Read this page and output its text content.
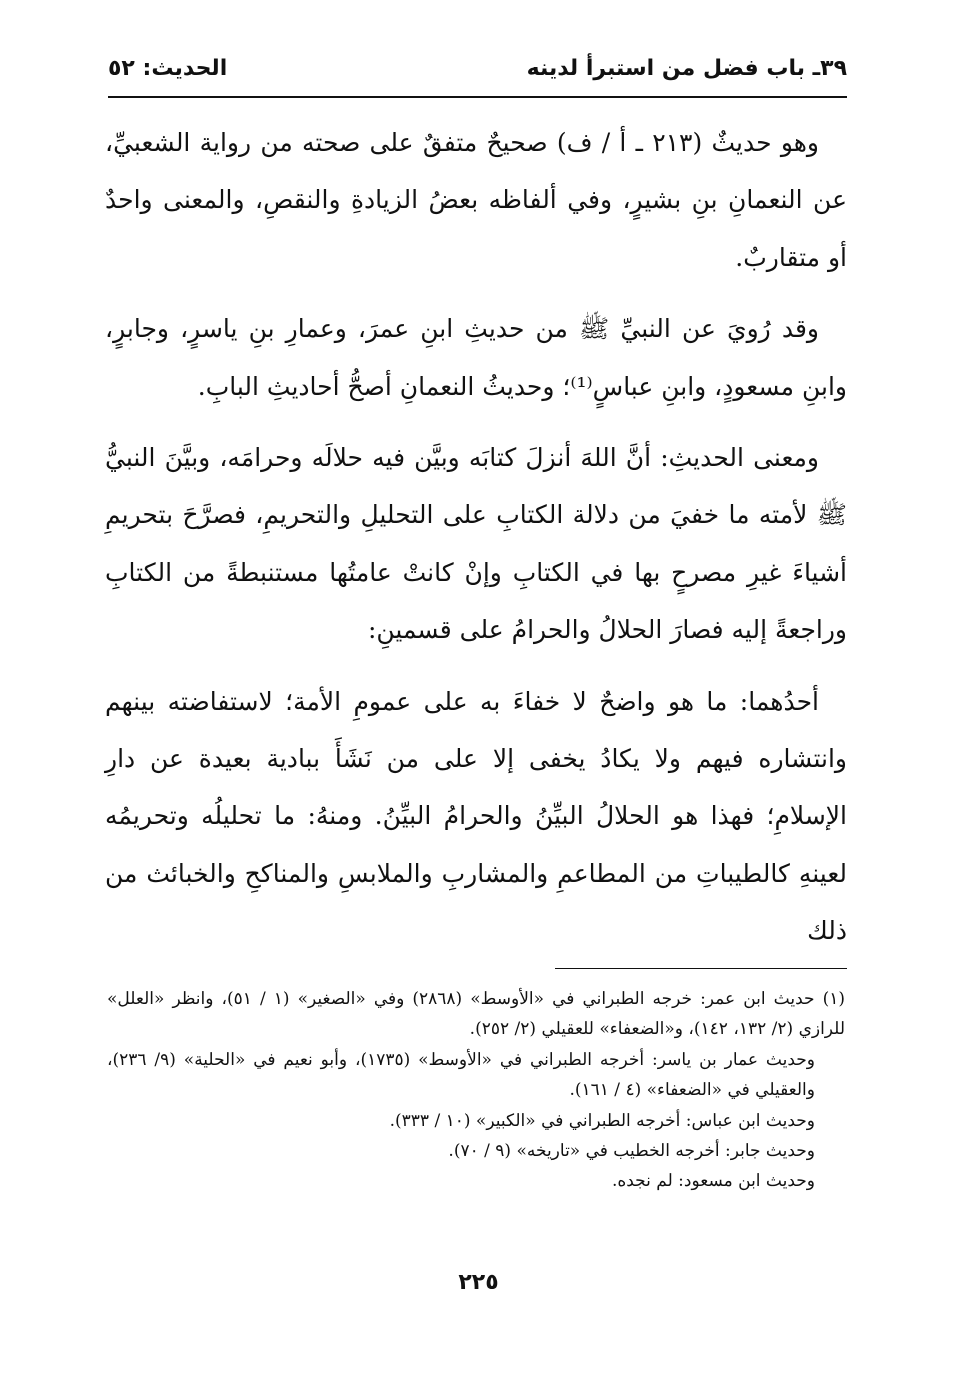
٣٩ـ باب فضل من استبرأ لدينه
الحديث: ٥٢

وهو حديثٌ (٢١٣ ـ أ / ف) صحيحٌ متفقٌ على صحته من رواية الشعبيِّ، عن النعمانِ بنِ بشيرٍ، وفي ألفاظه بعضُ الزيادةِ والنقصِ، والمعنى واحدٌ أو متقاربٌ.

وقد رُويَ عن النبيِّ ﷺ من حديثِ ابنِ عمرَ، وعمارِ بنِ ياسرٍ، وجابرٍ، وابنِ مسعودٍ، وابنِ عباسٍ⁽¹⁾؛ وحديثُ النعمانِ أصحُّ أحاديثِ البابِ.

ومعنى الحديثِ: أنَّ اللهَ أنزلَ كتابَه وبيَّن فيه حلالَه وحرامَه، وبيَّنَ النبيُّ ﷺ لأمته ما خفيَ من دلالة الكتابِ على التحليلِ والتحريمِ، فصرَّحَ بتحريمِ أشياءَ غيرِ مصرحٍ بها في الكتابِ وإنْ كانتْ عامتُها مستنبطةً من الكتابِ وراجعةً إليه فصارَ الحلالُ والحرامُ على قسمينِ:

أحدُهما: ما هو واضحٌ لا خفاءَ به على عمومِ الأمة؛ لاستفاضته بينهم وانتشاره فيهم ولا يكادُ يخفى إلا على من نَشَأَ ببادية بعيدة عن دارِ الإسلامِ؛ فهذا هو الحلالُ البيِّنُ والحرامُ البيِّنُ. ومنهُ: ما تحليلُه وتحريمُه لعينهِ كالطيباتِ من المطاعمِ والمشاربِ والملابسِ والمناكحِ والخبائث من ذلك

(١) حديث ابن عمر: خرجه الطبراني في «الأوسط» (٢٨٦٨) وفي «الصغير» (١ / ٥١)، وانظر «العلل» للرازي (٢/ ١٣٢، ١٤٢)، و«الضعفاء» للعقيلي (٢/ ٢٥٢).

وحديث عمار بن ياسر: أخرجه الطبراني في «الأوسط» (١٧٣٥)، وأبو نعيم في «الحلية» (٩/ ٢٣٦)، والعقيلي في «الضعفاء» (٤ / ١٦١).

وحديث ابن عباس: أخرجه الطبراني في «الكبير» (١٠ / ٣٣٣).

وحديث جابر: أخرجه الخطيب في «تاريخه» (٩ / ٧٠).

وحديث ابن مسعود: لم نجده.

٢٢٥
